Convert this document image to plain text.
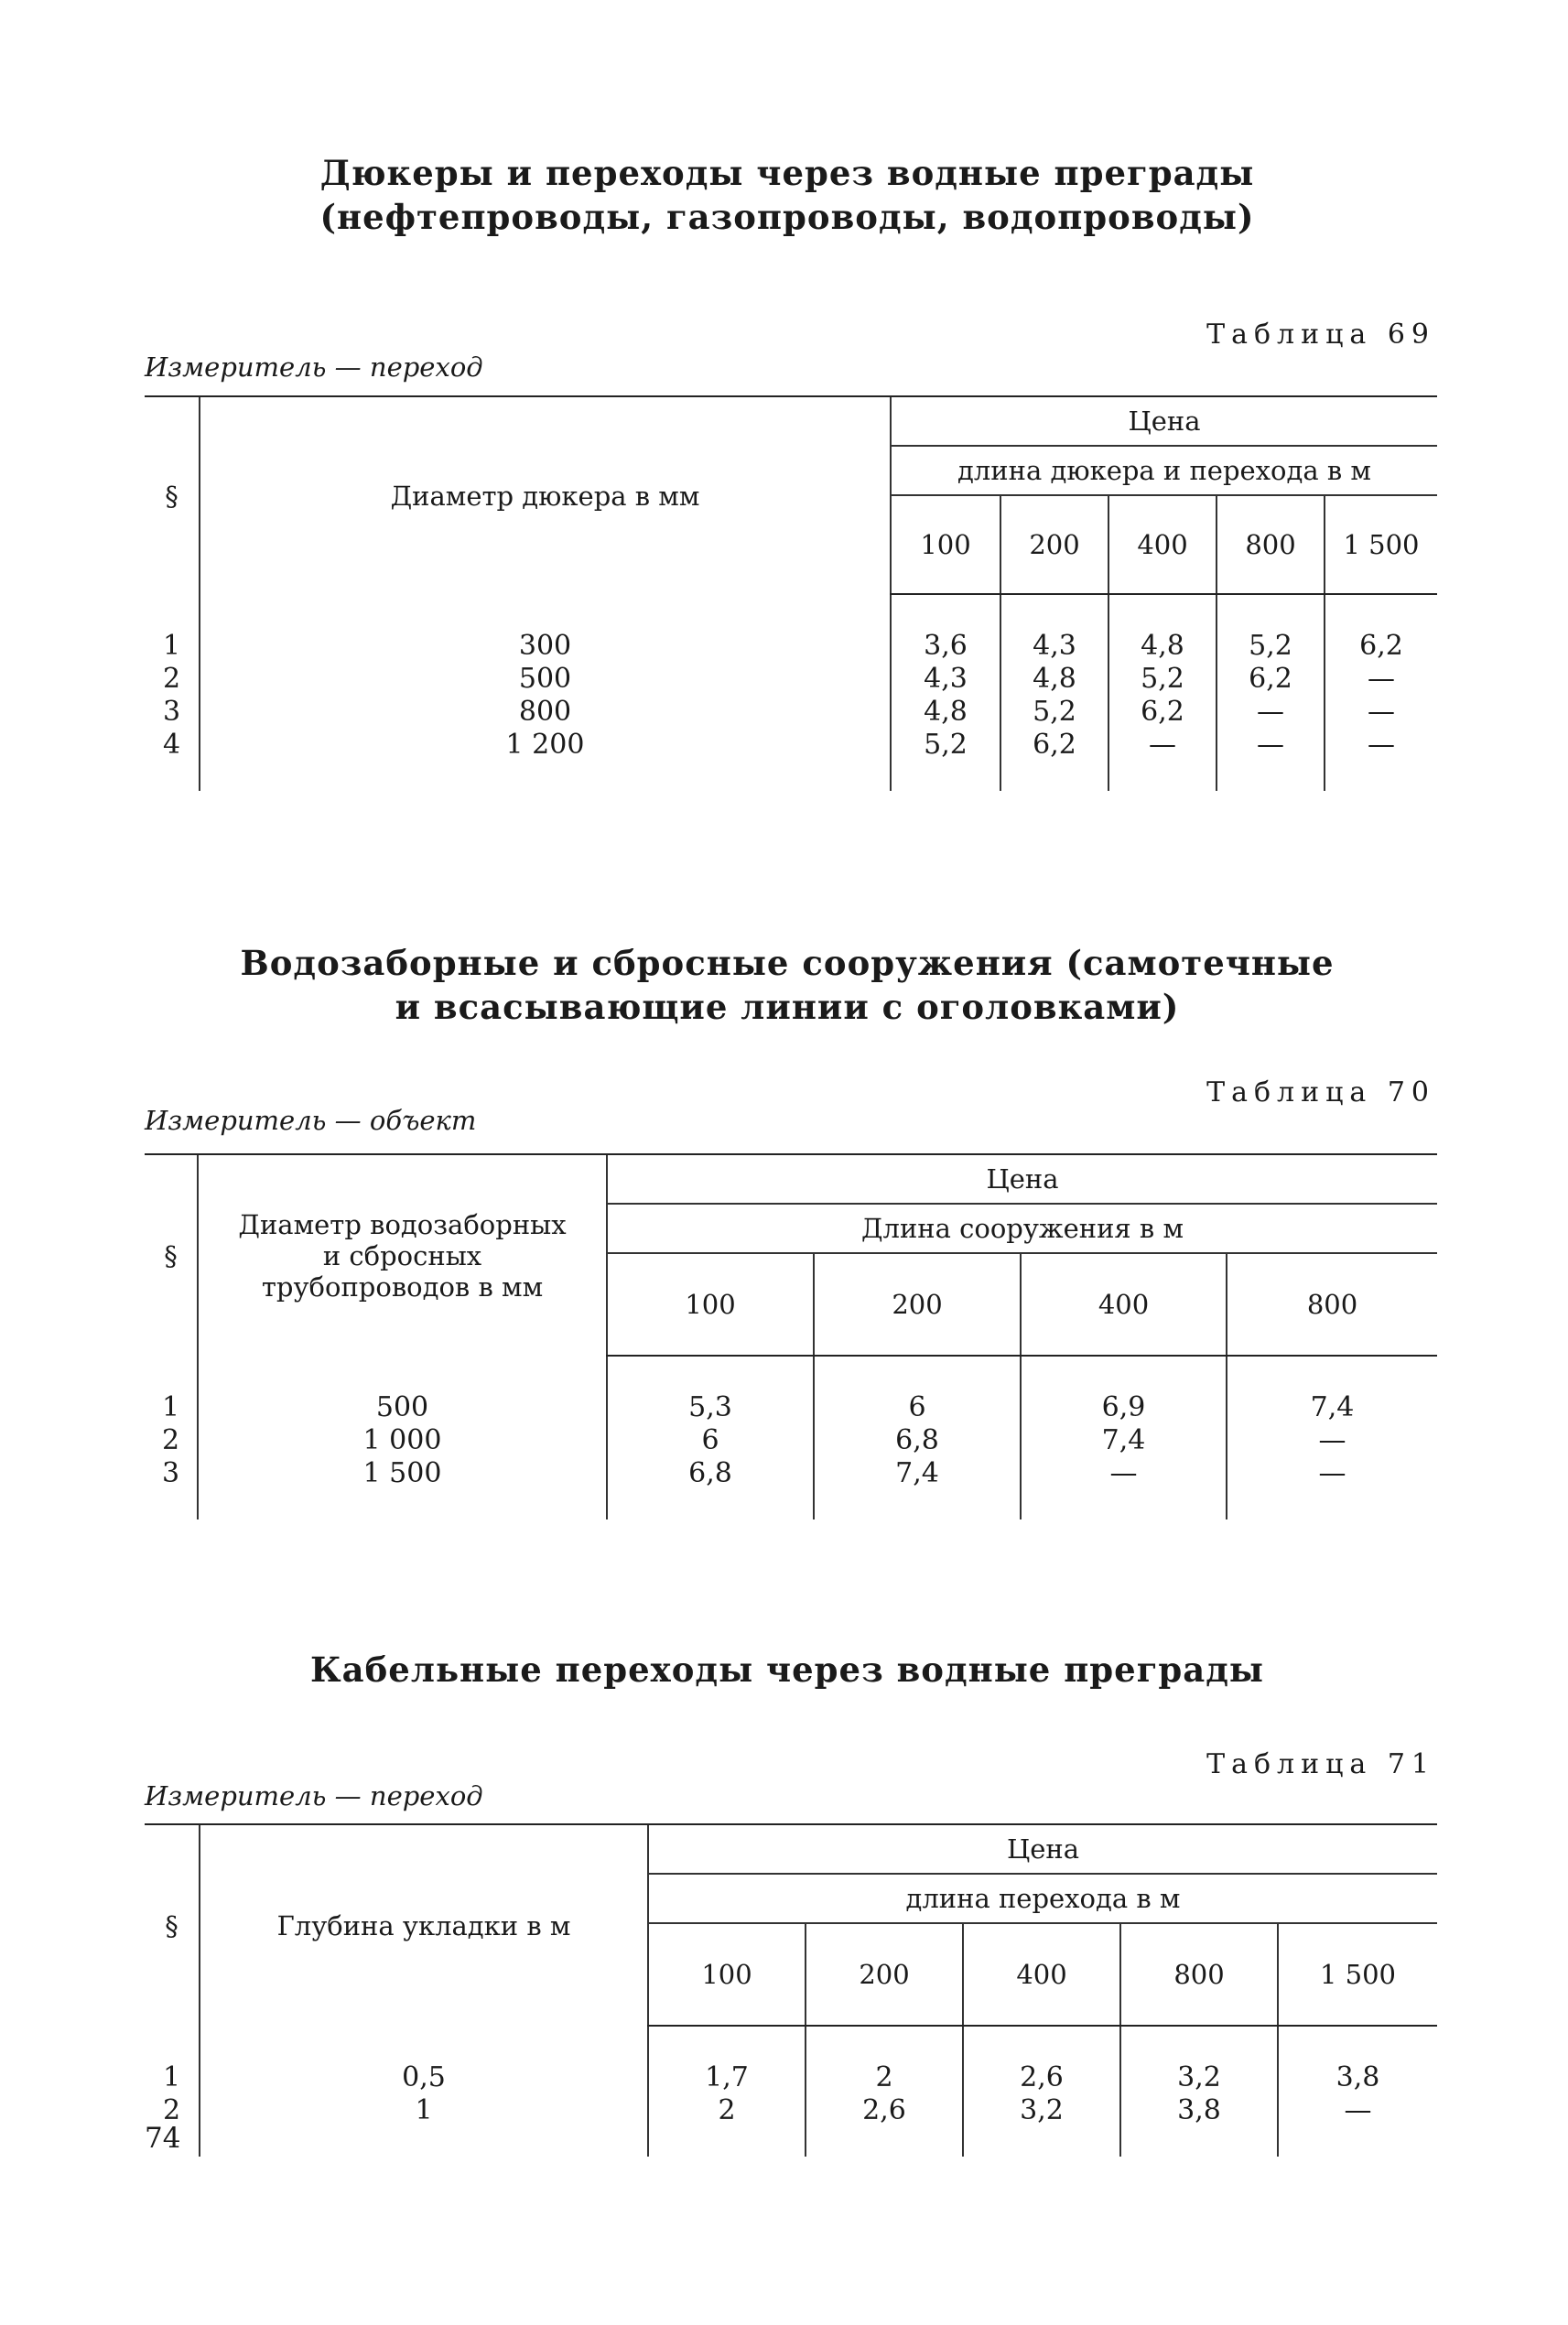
Дюкеры и переходы через водные преграды
(нефтепроводы, газопроводы, водопроводы)
Таблица 69
Измеритель — переход
§	Диаметр дюкера в мм	Цена				
		длина дюкера и перехода в м				
		100	200	400	800	1 500
1	300	3,6	4,3	4,8	5,2	6,2
2	500	4,3	4,8	5,2	6,2	—
3	800	4,8	5,2	6,2	—	—
4	1 200	5,2	6,2	—	—	—
Водозаборные и сбросные сооружения (самотечные
и всасывающие линии с оголовками)
Таблица 70
Измеритель — объект
§	Диаметр водозаборных
и сбросных
трубопроводов в мм	Цена			
		Длина сооружения в м			
		100	200	400	800
1	500	5,3	6	6,9	7,4
2	1 000	6	6,8	7,4	—
3	1 500	6,8	7,4	—	—
Кабельные переходы через водные преграды
Таблица 71
Измеритель — переход
§	Глубина укладки в м	Цена				
		длина перехода в м				
		100	200	400	800	1 500
1	0,5	1,7	2	2,6	3,2	3,8
2	1	2	2,6	3,2	3,8	—
74
